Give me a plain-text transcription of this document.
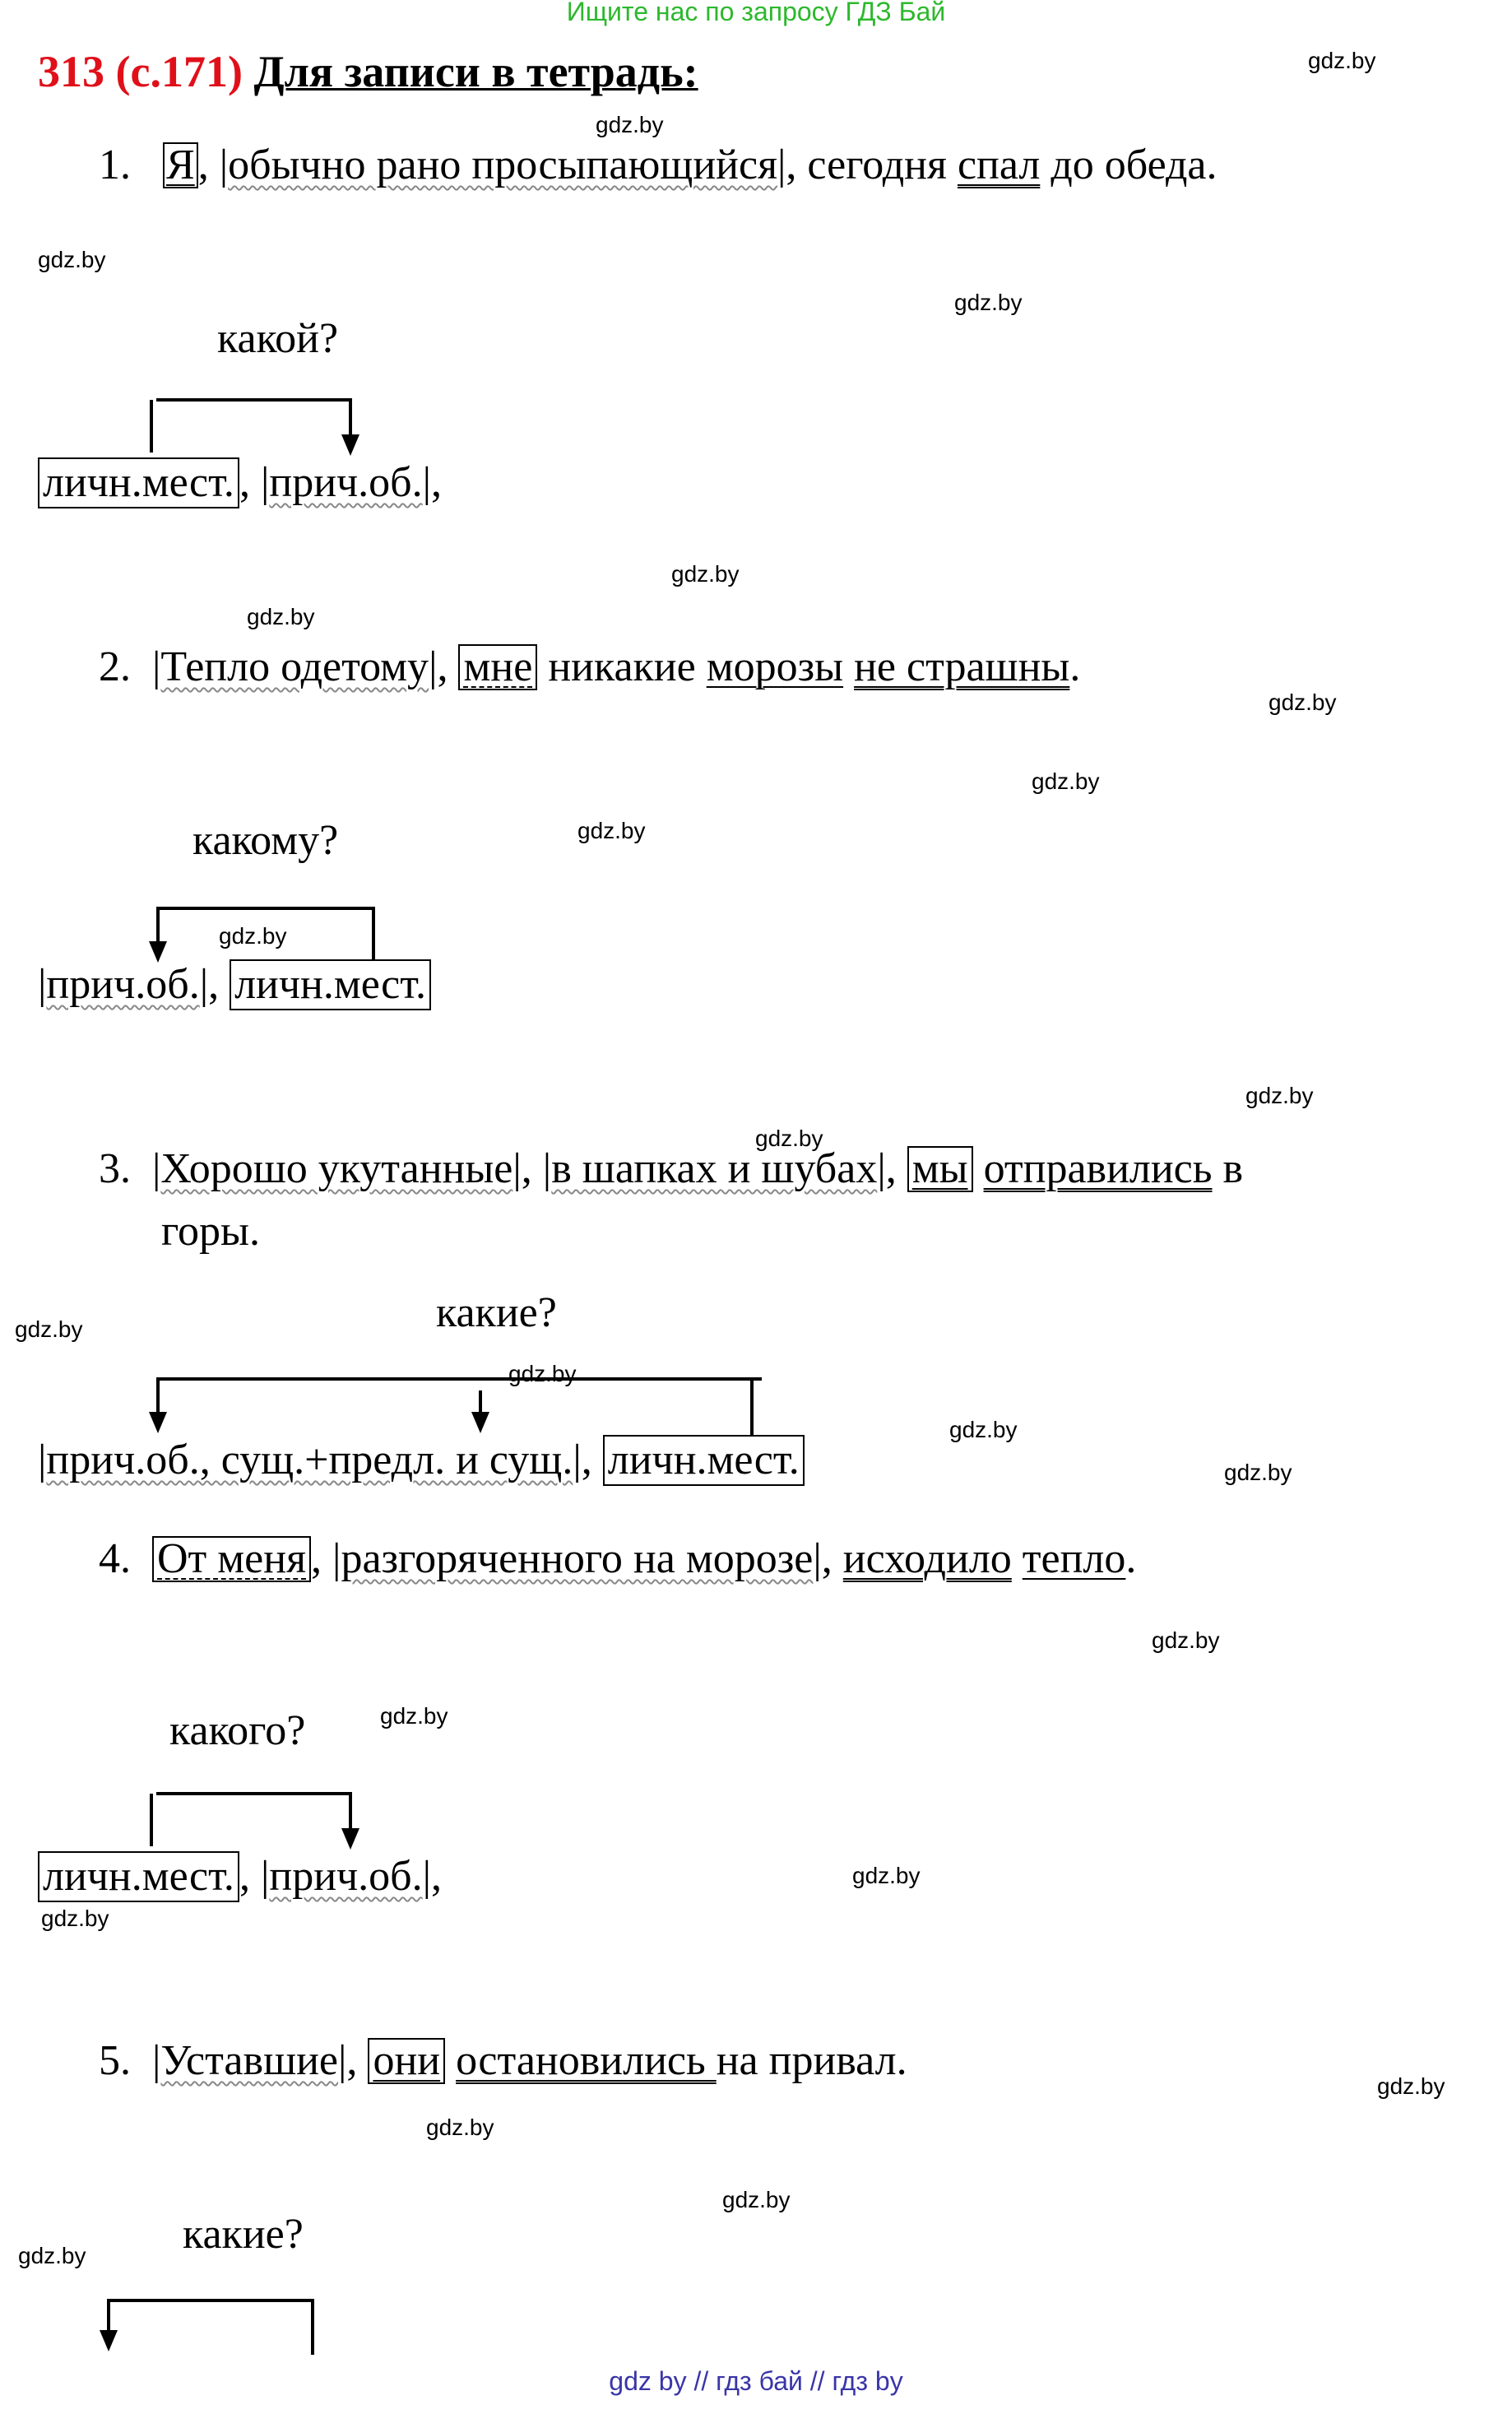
Ищите нас по запросу ГДЗ Бай
313 (с.171) Для записи в тетрадь:
1. Я, |обычно рано просыпающийся|, сегодня спал до обеда.
какой?
личн.мест. , |прич.об.|,
2. |Тепло одетому|, мне никакие морозы не страшны.
какому?
|прич.об.|, личн.мест.
3. |Хорошо укутанные|, |в шапках и шубах|, мы отправились в
горы.
какие?
|прич.об., сущ.+предл. и сущ.|, личн.мест.
4. От меня , |разгоряченного на морозе|, исходило тепло.
какого?
личн.мест. , |прич.об.|,
5. |Уставшие|, они остановились на привал.
какие?
gdz.by
gdz.by
gdz.by
gdz.by
gdz.by
gdz.by
gdz.by
gdz.by
gdz.by
gdz.by
gdz.by
gdz.by
gdz.by
gdz.by
gdz.by
gdz.by
gdz.by
gdz.by
gdz.by
gdz.by
gdz.by
gdz.by
gdz.by
gdz.by
gdz by // гдз бай // гдз by
